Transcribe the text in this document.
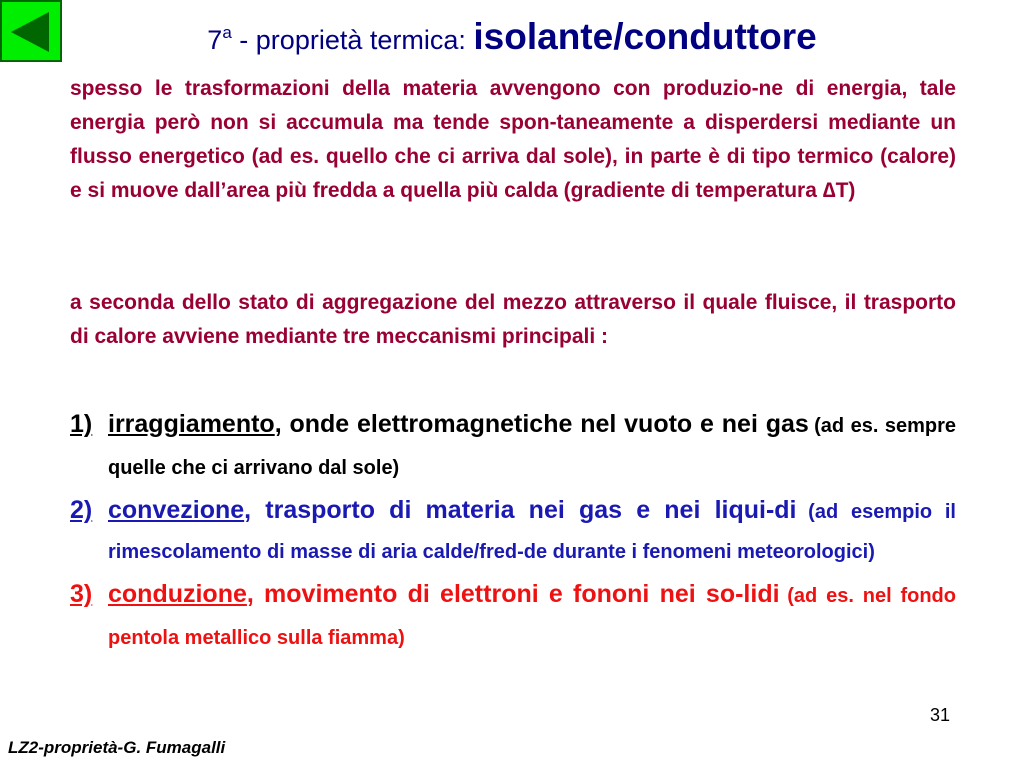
7a - proprietà termica: isolante/conduttore

spesso le trasformazioni della materia avvengono con produzio-ne di energia, tale energia però non si accumula ma tende spon-taneamente a disperdersi mediante un flusso energetico (ad es. quello che ci arriva dal sole), in parte è di tipo termico (calore) e si muove dall’area più fredda a quella più calda (gradiente di temperatura ∆T)

a seconda dello stato di aggregazione del mezzo attraverso il quale fluisce, il trasporto di calore avviene mediante tre meccanismi principali :

1) irraggiamento, onde elettromagnetiche nel vuoto e nei gas (ad es. sempre quelle che ci arrivano dal sole)
2) convezione, trasporto di materia nei gas e nei liqui-di (ad esempio il rimescolamento di masse di aria calde/fred-de durante i fenomeni meteorologici)
3) conduzione, movimento di elettroni e fononi nei so-lidi (ad es. nel fondo pentola metallico sulla fiamma)
31
LZ2-proprietà-G. Fumagalli
